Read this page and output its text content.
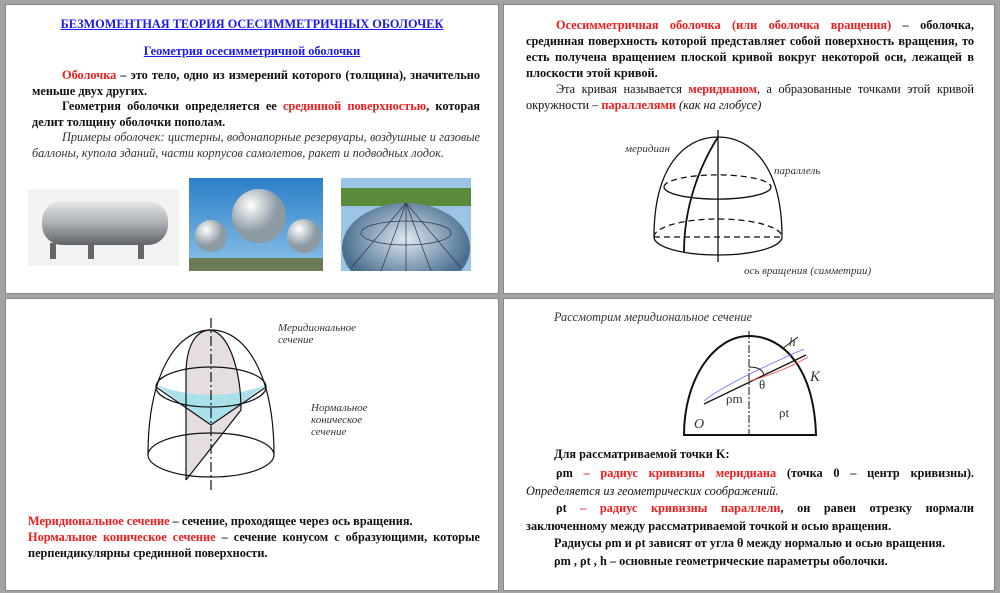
БЕЗМОМЕНТНАЯ ТЕОРИЯ ОСЕСИММЕТРИЧНЫХ ОБОЛОЧЕК
Геометрия осесимметричной оболочки
Оболочка – это тело, одно из измерений которого (толщина), значительно меньше двух других.
Геометрия оболочки определяется ее срединной поверхностью, которая делит толщину оболочки пополам.
Примеры оболочек: цистерны, водонапорные резервуары, воздушные и газовые баллоны, купола зданий, части корпусов самолетов, ракет и подводных лодок.
Осесимметричная оболочка (или оболочка вращения) – оболочка, срединная поверхность которой представляет собой поверхность вращения, то есть получена вращением плоской кривой вокруг некоторой оси, лежащей в плоскости этой кривой.
Эта кривая называется меридианом, а образованные точками этой кривой окружности – параллелями (как на глобусе)
меридиан
параллель
ось вращения (симметрии)
Меридиональное сечение
Нормальное коническое сечение
Меридиональное сечение – сечение, проходящее через ось вращения.
Нормальное коническое сечение – сечение конусом с образующими, которые перпендикулярны срединной поверхности.
Рассмотрим меридиональное сечение
h
K
O
θ
ρm
ρt
Для рассматриваемой точки K:
ρm – радиус кривизны меридиана (точка 0 – центр кривизны). Определяется из геометрических соображений.
ρt – радиус кривизны параллели, он равен отрезку нормали заключенному между рассматриваемой точкой и осью вращения.
Радиусы ρm и ρt зависят от угла θ между нормалью и осью вращения.
ρm , ρt , h – основные геометрические параметры оболочки.
